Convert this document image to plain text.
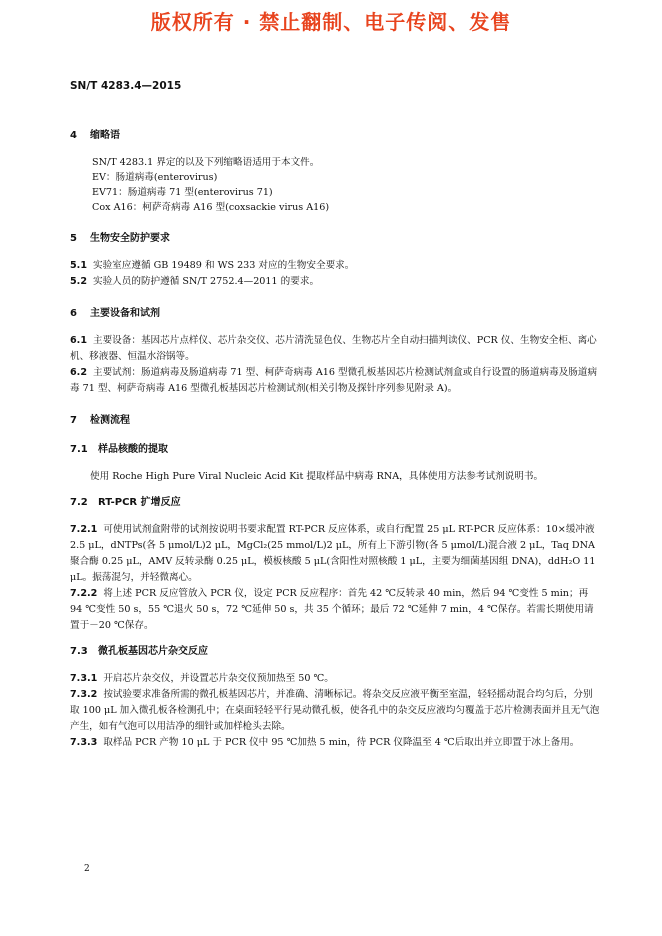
版权所有 · 禁止翻制、电子传阅、发售
SN/T 4283.4—2015
4 缩略语
SN/T 4283.1 界定的以及下列缩略语适用于本文件。
EV：肠道病毒(enterovirus)
EV71：肠道病毒 71 型(enterovirus 71)
Cox A16：柯萨奇病毒 A16 型(coxsackie virus A16)
5 生物安全防护要求

5.1 实验室应遵循 GB 19489 和 WS 233 对应的生物安全要求。

5.2 实验人员的防护遵循 SN/T 2752.4—2011 的要求。

6 主要设备和试剂

6.1 主要设备：基因芯片点样仪、芯片杂交仪、芯片清洗显色仪、生物芯片全自动扫描判读仪、PCR 仪、生物安全柜、离心机、移液器、恒温水浴锅等。

6.2 主要试剂：肠道病毒及肠道病毒 71 型、柯萨奇病毒 A16 型微孔板基因芯片检测试剂盒或自行设置的肠道病毒及肠道病毒 71 型、柯萨奇病毒 A16 型微孔板基因芯片检测试剂(相关引物及探针序列参见附录 A)。

7 检测流程
7.1 样品核酸的提取

使用 Roche High Pure Viral Nucleic Acid Kit 提取样品中病毒 RNA，具体使用方法参考试剂说明书。

7.2 RT-PCR 扩增反应

7.2.1 可使用试剂盒附带的试剂按说明书要求配置 RT-PCR 反应体系，或自行配置 25 μL RT-PCR 反应体系：10×缓冲液 2.5 μL，dNTPs(各 5 μmol/L)2 μL，MgCl₂(25 mmol/L)2 μL，所有上下游引物(各 5 μmol/L)混合液 2 μL，Taq DNA 聚合酶 0.25 μL，AMV 反转录酶 0.25 μL，模板核酸 5 μL(含阳性对照核酸 1 μL，主要为细菌基因组 DNA)，ddH₂O 11 μL。振荡混匀，并轻微离心。

7.2.2 将上述 PCR 反应管放入 PCR 仪，设定 PCR 反应程序：首先 42 ℃反转录 40 min，然后 94 ℃变性 5 min；再 94 ℃变性 50 s，55 ℃退火 50 s，72 ℃延伸 50 s，共 35 个循环；最后 72 ℃延伸 7 min，4 ℃保存。若需长期使用请置于－20 ℃保存。

7.3 微孔板基因芯片杂交反应

7.3.1 开启芯片杂交仪，并设置芯片杂交仪预加热至 50 ℃。

7.3.2 按试验要求准备所需的微孔板基因芯片，并准确、清晰标记。将杂交反应液平衡至室温，轻轻摇动混合均匀后，分别取 100 μL 加入微孔板各检测孔中；在桌面轻轻平行晃动微孔板，使各孔中的杂交反应液均匀覆盖于芯片检测表面并且无气泡产生，如有气泡可以用洁净的细针或加样枪头去除。

7.3.3 取样品 PCR 产物 10 μL 于 PCR 仪中 95 ℃加热 5 min，待 PCR 仪降温至 4 ℃后取出并立即置于冰上备用。

2
